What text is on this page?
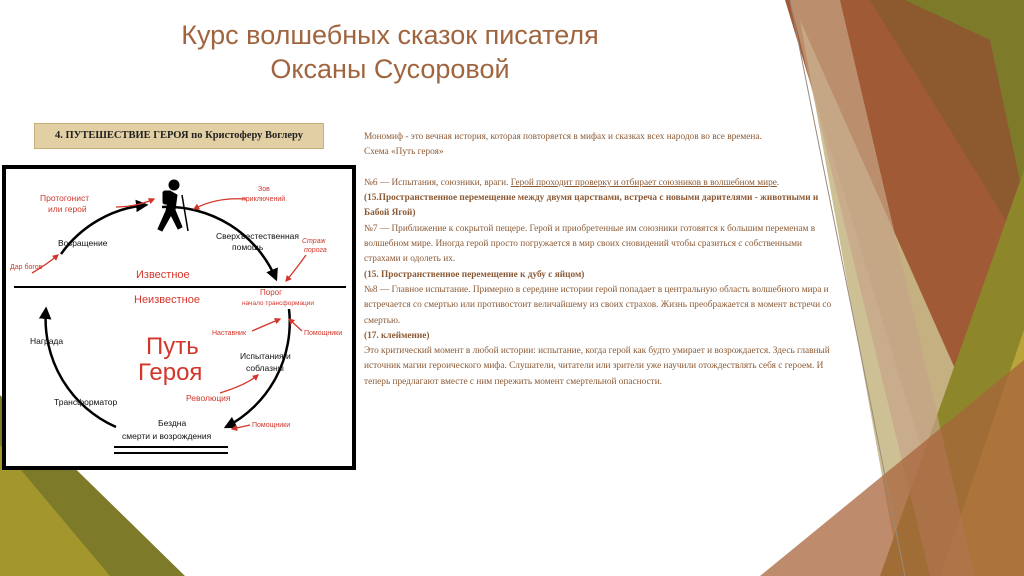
Курс волшебных сказок писателя
Оксаны Сусоровой
4. ПУТЕШЕСТВИЕ ГЕРОЯ по Кристоферу Воглеру
Возращение
Награда
Трансформатор
Сверхъестественная
помощь
Испытания и
соблазны
Бездна
смерти и возрождения
Известное
Неизвестное
Путь
Героя
Протогонист
или герой
Зов
приключений
Страж
порога
Дар богов
Порог
начало трансформации
Наставник	Помощники
Революция
Помощники

Мономиф - это вечная история, которая повторяется в мифах и сказках всех народов во все времена.

Схема «Путь героя»

№6 — Испытания, союзники, враги. Герой проходит проверку и отбирает союзников в волшебном мире.

(15.Пространственное перемещение между двумя царствами, встреча с новыми дарителями - животными и Бабой Ягой)

№7 — Приближение к сокрытой пещере. Герой и приобретенные им союзники готовятся к большим переменам в волшебном мире. Иногда герой просто погружается в мир своих сновидений чтобы сразиться с собственными страхами и одолеть их.

(15. Пространственное перемещение к дубу с яйцом)

№8 — Главное испытание. Примерно в середине истории герой попадает в центральную область волшебного мира и встречается со смертью или противостоит величайшему из своих страхов. Жизнь преображается в момент встречи со смертью.

(17. клеймение)

Это критический момент в любой истории: испытание, когда герой как будто умирает и возрождается. Здесь главный источник магии героического мифа. Слушатели, читатели или зрители уже научили отождествлять себя с героем. И теперь предлагают вместе с ним пережить момент смертельной опасности.
